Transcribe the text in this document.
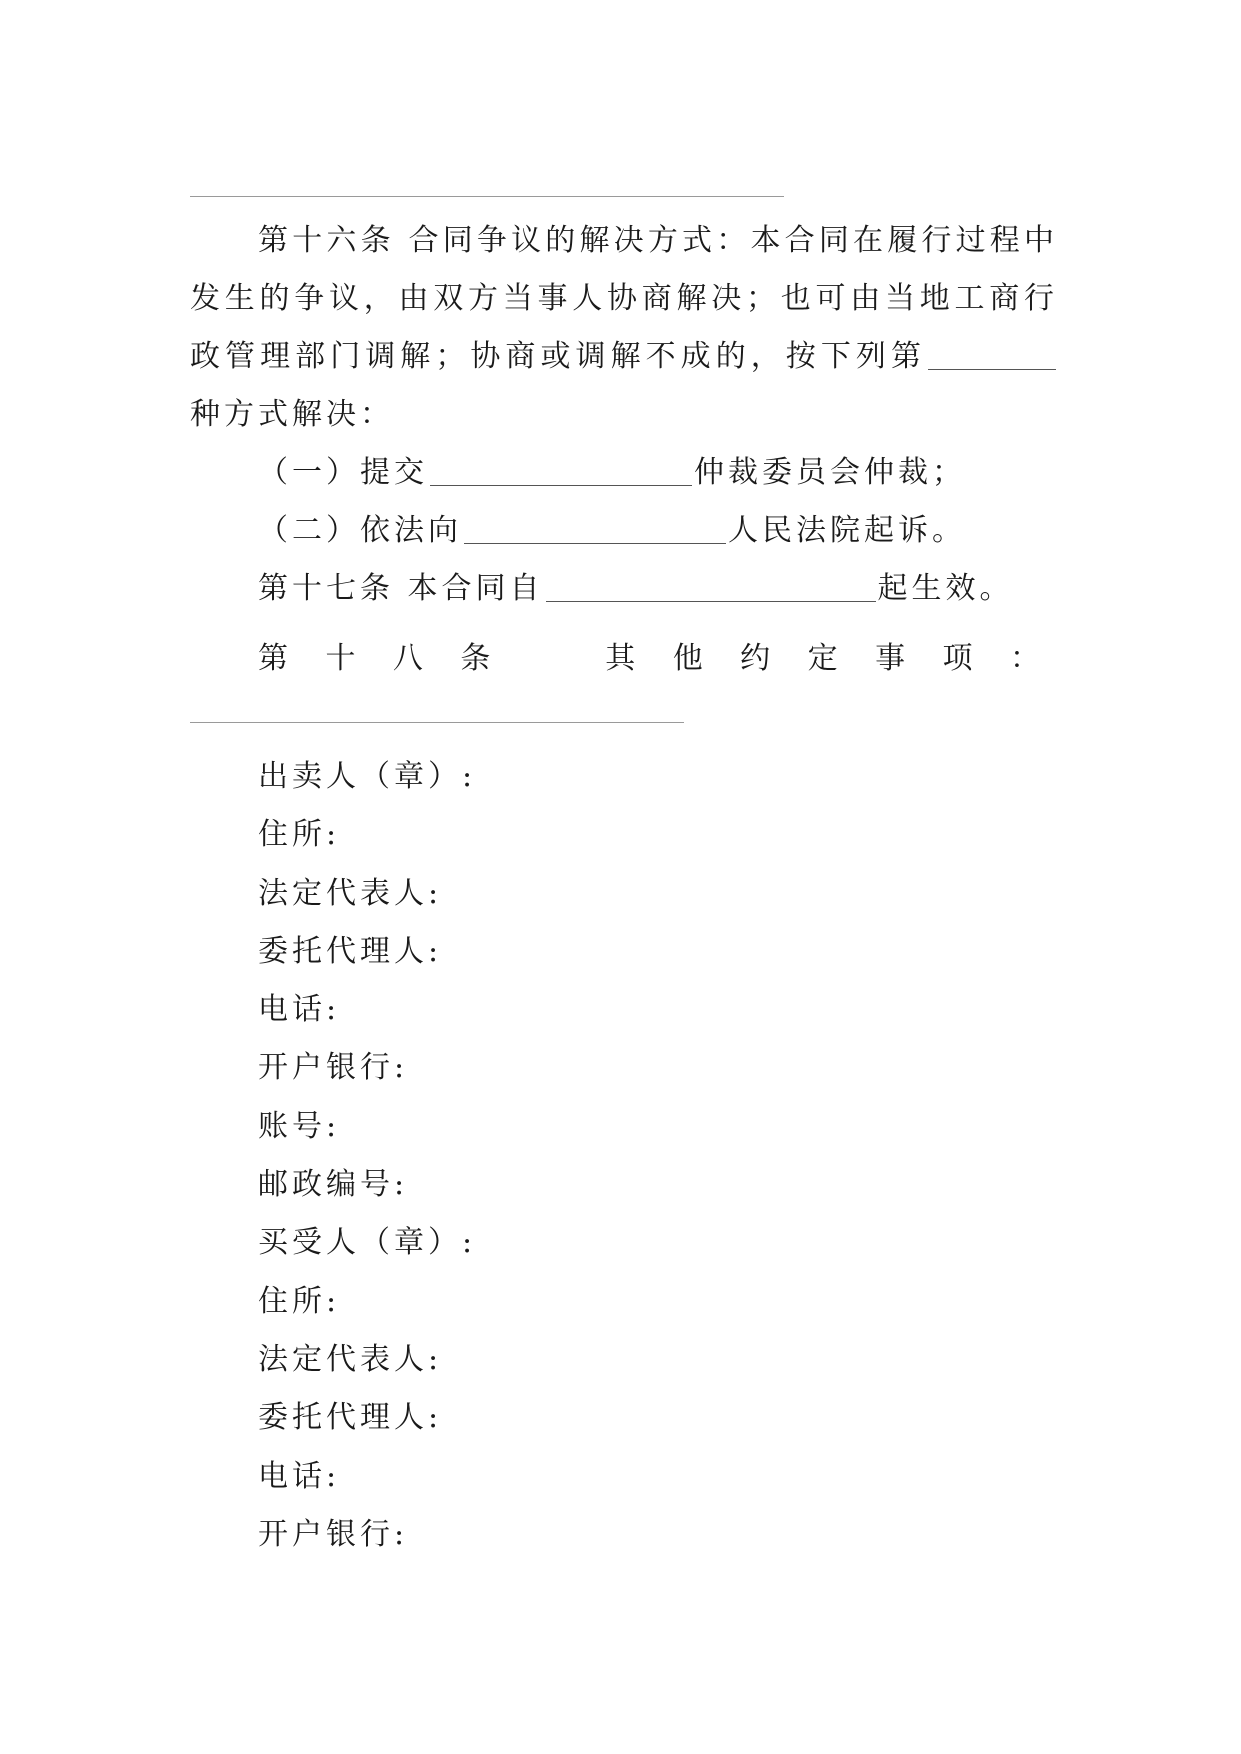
第十六条 合同争议的解决方式：本合同在履行过程中发生的争议，由双方当事人协商解决；也可由当地工商行政管理部门调解；协商或调解不成的，按下列第种方式解决：

（一）提交	仲裁委员会仲裁；

（二）依法向	人民法院起诉。

第十七条 本合同自	起生效。

第 十 八 条	其 他 约 定 事 项 ：
出卖人（章）:
住所:
法定代表人:
委托代理人:
电话:
开户银行:
账号:
邮政编号:
买受人（章）:
住所:
法定代表人:
委托代理人:
电话:
开户银行:
